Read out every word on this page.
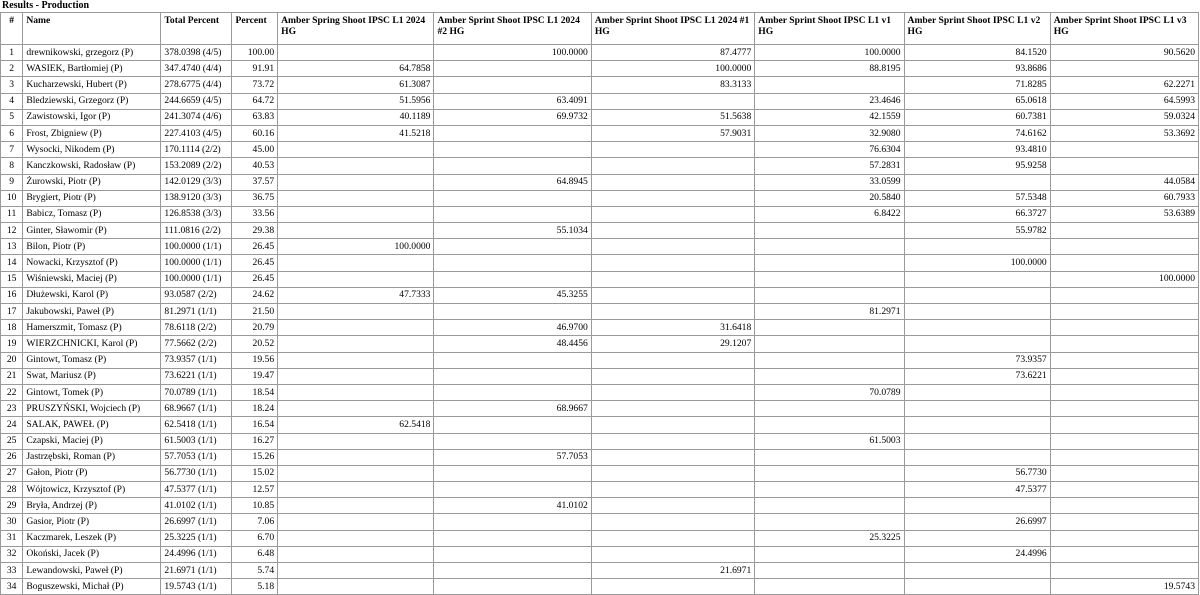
Results - Production
#	Name	Total Percent	Percent	Amber Spring Shoot IPSC L1 2024 HG	Amber Sprint Shoot IPSC L1 2024 #2 HG	Amber Sprint Shoot IPSC L1 2024 #1 HG	Amber Sprint Shoot IPSC L1 v1 HG	Amber Sprint Shoot IPSC L1 v2 HG	Amber Sprint Shoot IPSC L1 v3 HG
1	drewnikowski, grzegorz (P)	378.0398 (4/5)	100.00		100.0000	87.4777	100.0000	84.1520	90.5620
2	WASIEK, Bartłomiej (P)	347.4740 (4/4)	91.91	64.7858		100.0000	88.8195	93.8686	
3	Kucharzewski, Hubert (P)	278.6775 (4/4)	73.72	61.3087		83.3133		71.8285	62.2271
4	Bledziewski, Grzegorz (P)	244.6659 (4/5)	64.72	51.5956	63.4091		23.4646	65.0618	64.5993
5	Zawistowski, Igor (P)	241.3074 (4/6)	63.83	40.1189	69.9732	51.5638	42.1559	60.7381	59.0324
6	Frost, Zbigniew (P)	227.4103 (4/5)	60.16	41.5218		57.9031	32.9080	74.6162	53.3692
7	Wysocki, Nikodem (P)	170.1114 (2/2)	45.00				76.6304	93.4810	
8	Kanczkowski, Radosław (P)	153.2089 (2/2)	40.53				57.2831	95.9258	
9	Żurowski, Piotr (P)	142.0129 (3/3)	37.57		64.8945		33.0599		44.0584
10	Brygiert, Piotr (P)	138.9120 (3/3)	36.75				20.5840	57.5348	60.7933
11	Babicz, Tomasz (P)	126.8538 (3/3)	33.56				6.8422	66.3727	53.6389
12	Ginter, Sławomir (P)	111.0816 (2/2)	29.38		55.1034			55.9782	
13	Bilon, Piotr (P)	100.0000 (1/1)	26.45	100.0000					
14	Nowacki, Krzysztof (P)	100.0000 (1/1)	26.45					100.0000	
15	Wiśniewski, Maciej (P)	100.0000 (1/1)	26.45						100.0000
16	Dłużewski, Karol (P)	93.0587 (2/2)	24.62	47.7333	45.3255				
17	Jakubowski, Paweł (P)	81.2971 (1/1)	21.50				81.2971		
18	Hamerszmit, Tomasz (P)	78.6118 (2/2)	20.79		46.9700	31.6418			
19	WIERZCHNICKI, Karol (P)	77.5662 (2/2)	20.52		48.4456	29.1207			
20	Gintowt, Tomasz (P)	73.9357 (1/1)	19.56					73.9357	
21	Swat, Mariusz (P)	73.6221 (1/1)	19.47					73.6221	
22	Gintowt, Tomek (P)	70.0789 (1/1)	18.54				70.0789		
23	PRUSZYŃSKI, Wojciech (P)	68.9667 (1/1)	18.24		68.9667				
24	SALAK, PAWEŁ (P)	62.5418 (1/1)	16.54	62.5418					
25	Czapski, Maciej (P)	61.5003 (1/1)	16.27				61.5003		
26	Jastrzębski, Roman (P)	57.7053 (1/1)	15.26		57.7053				
27	Gałon, Piotr (P)	56.7730 (1/1)	15.02					56.7730	
28	Wójtowicz, Krzysztof (P)	47.5377 (1/1)	12.57					47.5377	
29	Bryła, Andrzej (P)	41.0102 (1/1)	10.85		41.0102				
30	Gasior, Piotr (P)	26.6997 (1/1)	7.06					26.6997	
31	Kaczmarek, Leszek (P)	25.3225 (1/1)	6.70				25.3225		
32	Okoński, Jacek (P)	24.4996 (1/1)	6.48					24.4996	
33	Lewandowski, Paweł (P)	21.6971 (1/1)	5.74			21.6971			
34	Boguszewski, Michał (P)	19.5743 (1/1)	5.18						19.5743
